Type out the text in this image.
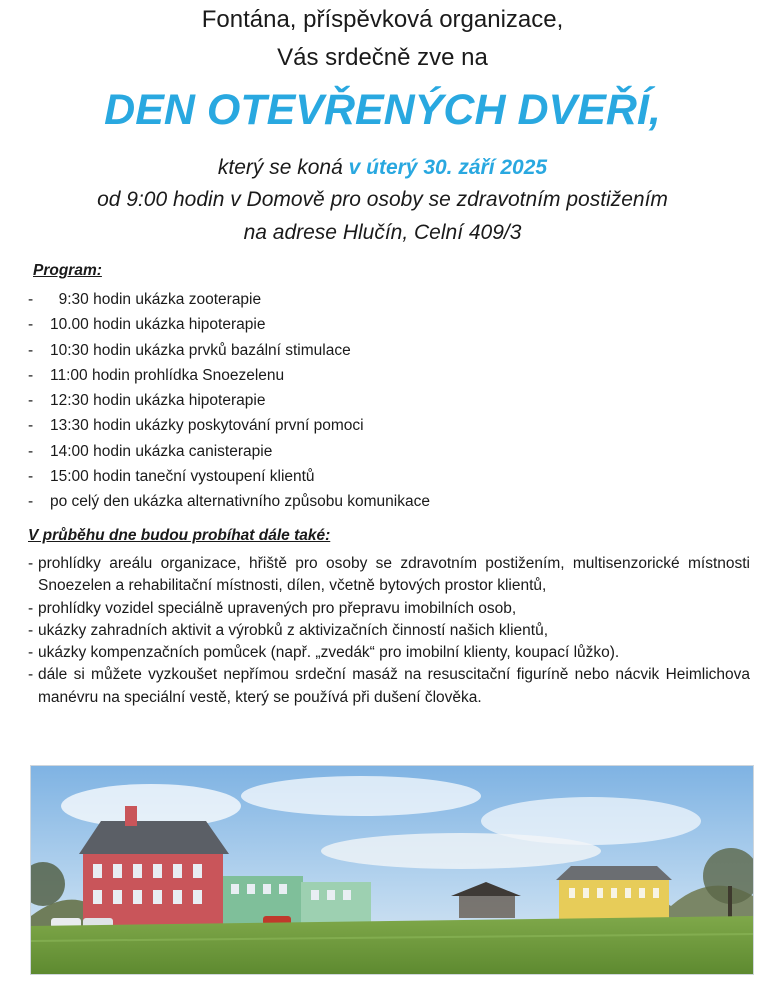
Fontána, příspěvková organizace,

Vás srdečně zve na

DEN OTEVŘENÝCH DVEŘÍ,
který se koná v úterý 30. září 2025
od 9:00 hodin v Domově pro osoby se zdravotním postižením
na adrese Hlučín, Celní 409/3
Program:
-  9:30 hodin ukázka zooterapie
- 10.00 hodin ukázka hipoterapie
- 10:30 hodin ukázka prvků bazální stimulace
- 11:00 hodin prohlídka Snoezelenu
- 12:30 hodin ukázka hipoterapie
- 13:30 hodin ukázky poskytování první pomoci
- 14:00 hodin ukázka canisterapie
- 15:00 hodin taneční vystoupení klientů
- po celý den ukázka alternativního způsobu komunikace
V průběhu dne budou probíhat dále také:
- prohlídky areálu organizace, hřiště pro osoby se zdravotním postižením, multisenzorické místnosti Snoezelen a rehabilitační místnosti, dílen, včetně bytových prostor klientů,
- prohlídky vozidel speciálně upravených pro přepravu imobilních osob,
- ukázky zahradních aktivit a výrobků z aktivizačních činností našich klientů,
- ukázky kompenzačních pomůcek (např. „zvedák“ pro imobilní klienty, koupací lůžko).
- dále si můžete vyzkoušet nepřímou srdeční masáž na resuscitační figuríně nebo nácvik Heimlichova manévru na speciální vestě, který se používá při dušení člověka.
